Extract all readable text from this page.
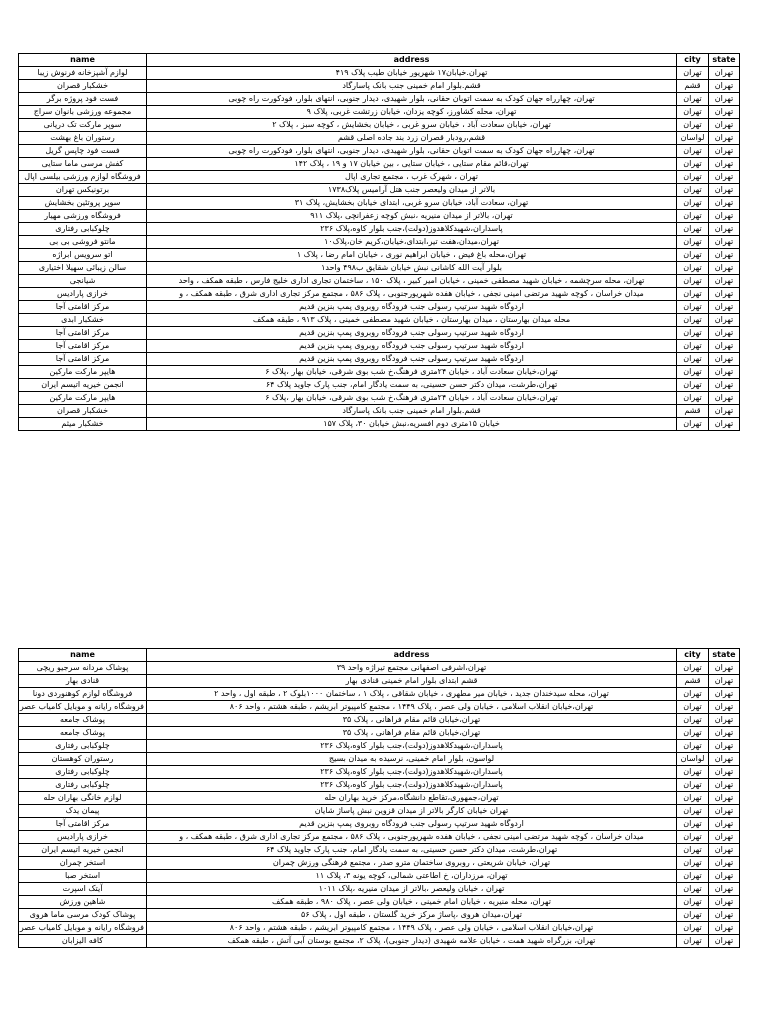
name	address	city	state
لوازم آشپزخانه فرنوش زیبا	تهران.خیابان۱۷ شهریور خیابان طیب پلاک ۴۱۹	تهران	تهران
خشکبار قصران	قشم.بلوار امام خمینی جنب بانک پاسارگاد	قشم	تهران
فست فود پروژه برگر	تهران، چهارراه جهان کودک به سمت اتوبان حقانی، بلوار شهیدی، دیدار جنوبی، انتهای بلوار، فودکورت راه چوبی	تهران	تهران
مجموعه ورزشی بانوان سراج	تهران، محله کشاورز، کوچه یزدان، خیابان زرتشت غربی، پلاک ۹	تهران	تهران
سوپر مارکت تک دریانی	تهران، خیابان سعادت آباد ، خیابان سرو غربی ، خیابان بخشایش ، کوچه سبز ، پلاک ۲	تهران	تهران
رستوران باغ بهشت	قشم،رودبار قصران زرد بند جاده اصلی قشم	لواسان	تهران
فست فود چاپس گریل	تهران، چهارراه جهان کودک به سمت اتوبان حقانی، بلوار شهیدی، دیدار جنوبی، انتهای بلوار، فودکورت راه چوبی	تهران	تهران
کفش مرسی ماما ستایی	تهران،قائم مقام ستایی ، خیابان ستایی ، بین خیابان ۱۷ و ۱۹ ، پلاک ۱۴۲	تهران	تهران
فروشگاه لوازم ورزشی بیلسی اپال	تهران ، شهرک غرب ، مجتمع تجاری اپال	تهران	تهران
برتونیکس تهران	بالاتر از میدان ولیعصر جنب هتل آرامیس پلاک۱۷۳۸	تهران	تهران
سوپر پروتئین بخشایش	تهران، سعادت آباد، خیابان سرو غربی، ابتدای خیابان بخشایش، پلاک ۳۱	تهران	تهران
فروشگاه ورزشی مهیار	تهران، بالاتر از میدان منیریه ،نبش کوچه زعفرانچی ،پلاک ۹۱۱	تهران	تهران
چلوکبابی رفتاری	پاسداران،شهیدکلاهدوز(دولت)،جنب بلوار کاوه،پلاک ۲۳۶	تهران	تهران
مانتو فروشی بی بی	تهران،میدان،هفت تیر،ابتدای،خیابان،کریم خان،پلاک۱۰	تهران	تهران
اتو سرویس ابراژه	تهران،محله باغ فیض ، خیابان ابراهیم نوری ، خیابان امام رضا ، پلاک ۱	تهران	تهران
سالن زیبائی سهیلا اختیاری	بلوار آیت الله کاشانی نبش خیابان شقایق ب۴۹۸ واحد۱	تهران	تهران
شیانجی	تهران، محله سرچشمه ، خیابان شهید مصطفی خمینی ، خیابان امیر کبیر ، پلاک ۱۵۰ ، ساختمان تجاری اداری خلیج فارس ، طبقه همکف ، واحد	تهران	تهران
خرازی پارادیس	میدان خراسان ، کوچه شهید مرتضی امینی نجفی ، خیابان هفده شهریورجنوبی ، پلاک ۵۸۶ ، مجتمع مرکز تجاری اداری شرق ، طبقه همکف ، و	تهران	تهران
مرکز اقامتی آجا	اردوگاه شهید سرتیپ رسولی جنب فرودگاه روبروی پمپ بنزین قدیم	تهران	تهران
خشکبار ابدی	محله میدان بهارستان ، میدان بهارستان ، خیابان شهید مصطفی خمینی ، پلاک ۹۱۳ ، طبقه همکف	تهران	تهران
مرکز اقامتی آجا	اردوگاه شهید سرتیپ رسولی جنب فرودگاه روبروی پمپ بنزین قدیم	تهران	تهران
مرکز اقامتی آجا	اردوگاه شهید سرتیپ رسولی جنب فرودگاه روبروی پمپ بنزین قدیم	تهران	تهران
مرکز اقامتی آجا	اردوگاه شهید سرتیپ رسولی جنب فرودگاه روبروی پمپ بنزین قدیم	تهران	تهران
هایپر مارکت مارکین	تهران،خیابان سعادت آباد ، خیابان ۲۴متری فرهنگ،خ شب بوی شرقی، خیابان بهار ،پلاک ۶	تهران	تهران
انجمن خیریه اتیسم ایران	تهران،طرشت، میدان دکتر حسن حسینی، به سمت یادگار امام، جنب پارک جاوید پلاک ۶۴	تهران	تهران
هایپر مارکت مارکین	تهران،خیابان سعادت آباد ، خیابان ۲۴متری فرهنگ،خ شب بوی شرقی، خیابان بهار ،پلاک ۶	تهران	تهران
خشکبار قصران	قشم.بلوار امام خمینی جنب بانک پاسارگاد	قشم	تهران
خشکبار میثم	خیابان ۱۵متری دوم افسریه،نبش خیابان ۳۰، پلاک ۱۵۷	تهران	تهران
name	address	city	state
پوشاک مردانه سرجیو ریچی	تهران،اشرفی اصفهانی مجتمع تیراژه واحد ۳۹	تهران	تهران
قنادی بهار	قشم ابتدای بلوار امام خمینی قنادی بهار	قشم	تهران
فروشگاه لوازم کوهنوردی دونا	تهران، محله سیدخندان جدید ، خیابان میر مطهری ، خیابان شقاقی ، پلاک ۱ ، ساختمان ۱۰۰۰بلوک ۲ ، طبقه اول ، واحد ۲	تهران	تهران
فروشگاه رایانه و موبایل کامیاب عصر	تهران،خیابان انقلاب اسلامی ، خیابان ولی عصر ، پلاک ۱۴۴۹ ، مجتمع کامپیوتر ابریشم ، طبقه هشتم ، واحد ۸۰۶	تهران	تهران
پوشاک جامعه	تهران،خیابان قائم مقام فراهانی ، پلاک ۳۵	تهران	تهران
پوشاک جامعه	تهران،خیابان قائم مقام فراهانی ، پلاک ۳۵	تهران	تهران
چلوکبابی رفتاری	پاسداران،شهیدکلاهدوز(دولت)،جنب بلوار کاوه،پلاک ۲۳۶	تهران	تهران
رستوران کوهستان	لواسون، بلوار امام خمینی، نرسیده به میدان بسیج	لواسان	تهران
چلوکبابی رفتاری	پاسداران،شهیدکلاهدوز(دولت)،جنب بلوار کاوه،پلاک ۲۳۶	تهران	تهران
چلوکبابی رفتاری	پاسداران،شهیدکلاهدوز(دولت)،جنب بلوار کاوه،پلاک ۲۳۶	تهران	تهران
لوازم خانگی بهاران حله	تهران،جمهوری،تقاطع دانشگاه،مرکز خرید بهاران حله	تهران	تهران
پیمان یدک	تهران خیابان کارگر بالاتر از میدان قزوین نبش پاساژ شایان	تهران	تهران
مرکز اقامتی آجا	اردوگاه شهید سرتیپ رسولی جنب فرودگاه روبروی پمپ بنزین قدیم	تهران	تهران
خرازی پارادیس	میدان خراسان ، کوچه شهید مرتضی امینی نجفی ، خیابان هفده شهریورجنوبی ، پلاک ۵۸۶ ، مجتمع مرکز تجاری اداری شرق ، طبقه همکف ، و	تهران	تهران
انجمن خیریه اتیسم ایران	تهران،طرشت، میدان دکتر حسن حسینی، به سمت یادگار امام، جنب پارک جاوید پلاک ۶۴	تهران	تهران
استخر چمران	تهران، خیابان شریعتی ، روبروی ساختمان مترو صدر ، مجتمع فرهنگی ورزش چمران	تهران	تهران
استخر صبا	تهران، مرزداران، خ اطاعتی شمالی، کوچه یونه ۳، پلاک ۱۱	تهران	تهران
آیتک اسپرت	تهران ، خیابان ولیعصر ،بالاتر از میدان منیریه ،پلاک ۱۰۱۱	تهران	تهران
شاهین ورزش	تهران، محله منیریه ، خیابان امام خمینی ، خیابان ولی عصر ، پلاک ۹۸۰ ، طبقه همکف	تهران	تهران
پوشاک کودک مرسی ماما هروی	تهران،میدان هروی ،پاساژ مرکز خرید گلستان ، طبقه اول ، پلاک ۵۶	تهران	تهران
فروشگاه رایانه و موبایل کامیاب عصر	تهران،خیابان انقلاب اسلامی ، خیابان ولی عصر ، پلاک ۱۴۴۹ ، مجتمع کامپیوتر ابریشم ، طبقه هشتم ، واحد ۸۰۶	تهران	تهران
کافه الیزابان	تهران، بزرگراه شهید همت ، خیابان علامه شهیدی (دیدار جنوبی)، پلاک ۲، مجتمع بوستان آبی آتش ، طبقه همکف	تهران	تهران
